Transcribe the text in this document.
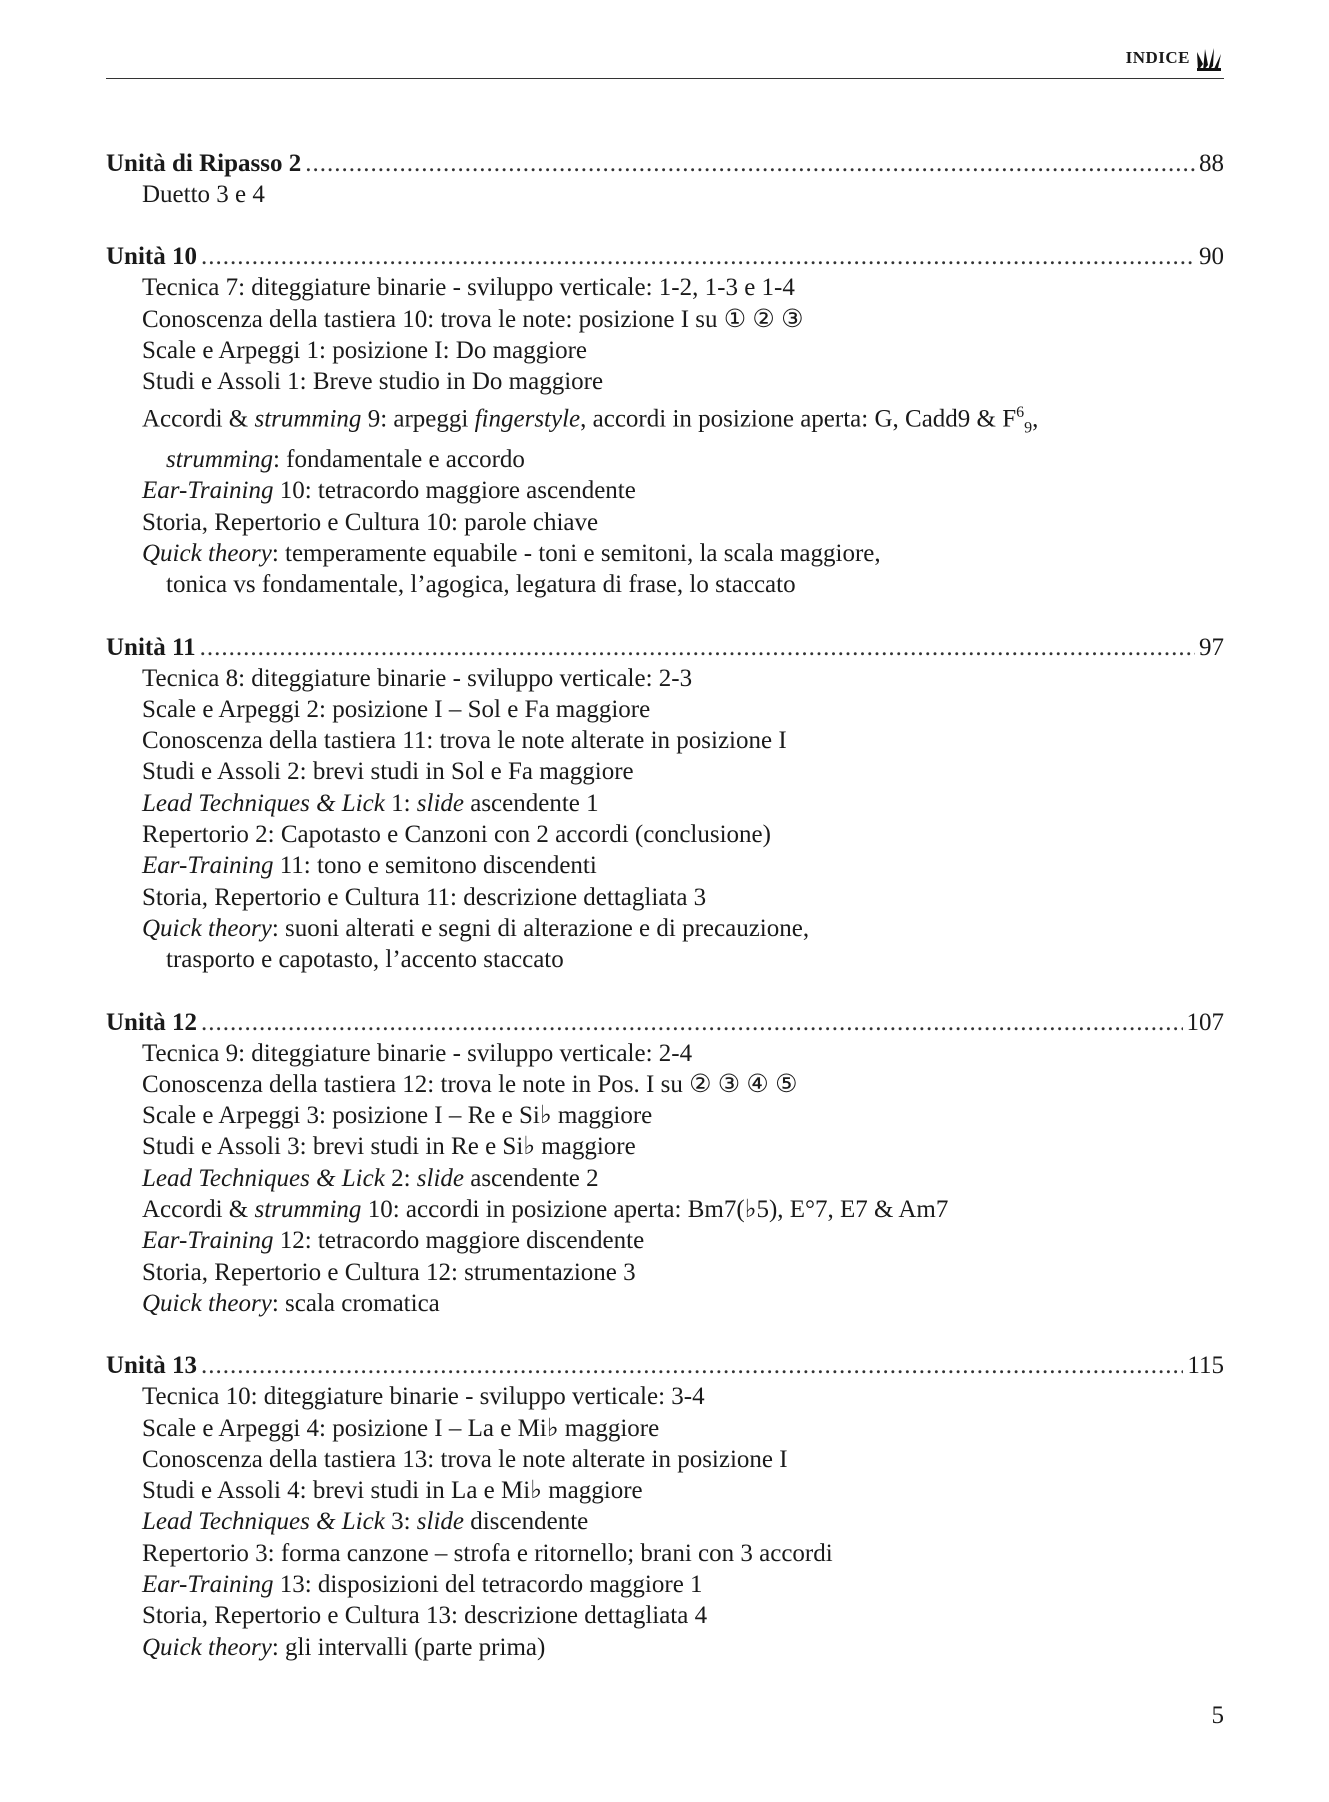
INDICE
Unità di Ripasso 2 .....	88
Duetto 3 e 4
Unità 10 .....	90
Tecnica 7: diteggiature binarie - sviluppo verticale: 1-2, 1-3 e 1-4
Conoscenza della tastiera 10: trova le note: posizione I su ① ② ③
Scale e Arpeggi 1: posizione I: Do maggiore
Studi e Assoli 1: Breve studio in Do maggiore
Accordi & strumming 9: arpeggi fingerstyle, accordi in posizione aperta: G, Cadd9 & $F^6_9$,
strumming: fondamentale e accordo
Ear-Training 10: tetracordo maggiore ascendente
Storia, Repertorio e Cultura 10: parole chiave
Quick theory: temperamente equabile - toni e semitoni, la scala maggiore,
tonica vs fondamentale, l’agogica, legatura di frase, lo staccato
Unità 11 .....	97
Tecnica 8: diteggiature binarie - sviluppo verticale: 2-3
Scale e Arpeggi 2: posizione I – Sol e Fa maggiore
Conoscenza della tastiera 11: trova le note alterate in posizione I
Studi e Assoli 2: brevi studi in Sol e Fa maggiore
Lead Techniques & Lick 1: slide ascendente 1
Repertorio 2: Capotasto e Canzoni con 2 accordi (conclusione)
Ear-Training 11: tono e semitono discendenti
Storia, Repertorio e Cultura 11: descrizione dettagliata 3
Quick theory: suoni alterati e segni di alterazione e di precauzione,
trasporto e capotasto, l’accento staccato
Unità 12 .....	107
Tecnica 9: diteggiature binarie - sviluppo verticale: 2-4
Conoscenza della tastiera 12: trova le note in Pos. I su ② ③ ④ ⑤
Scale e Arpeggi 3: posizione I – Re e Si♭ maggiore
Studi e Assoli 3: brevi studi in Re e Si♭ maggiore
Lead Techniques & Lick 2: slide ascendente 2
Accordi & strumming 10: accordi in posizione aperta: Bm7(♭5), E°7, E7 & Am7
Ear-Training 12: tetracordo maggiore discendente
Storia, Repertorio e Cultura 12: strumentazione 3
Quick theory: scala cromatica
Unità 13 .....	115
Tecnica 10: diteggiature binarie - sviluppo verticale: 3-4
Scale e Arpeggi 4: posizione I – La e Mi♭ maggiore
Conoscenza della tastiera 13: trova le note alterate in posizione I
Studi e Assoli 4: brevi studi in La e Mi♭ maggiore
Lead Techniques & Lick 3: slide discendente
Repertorio 3: forma canzone – strofa e ritornello; brani con 3 accordi
Ear-Training 13: disposizioni del tetracordo maggiore 1
Storia, Repertorio e Cultura 13: descrizione dettagliata 4
Quick theory: gli intervalli (parte prima)
5
